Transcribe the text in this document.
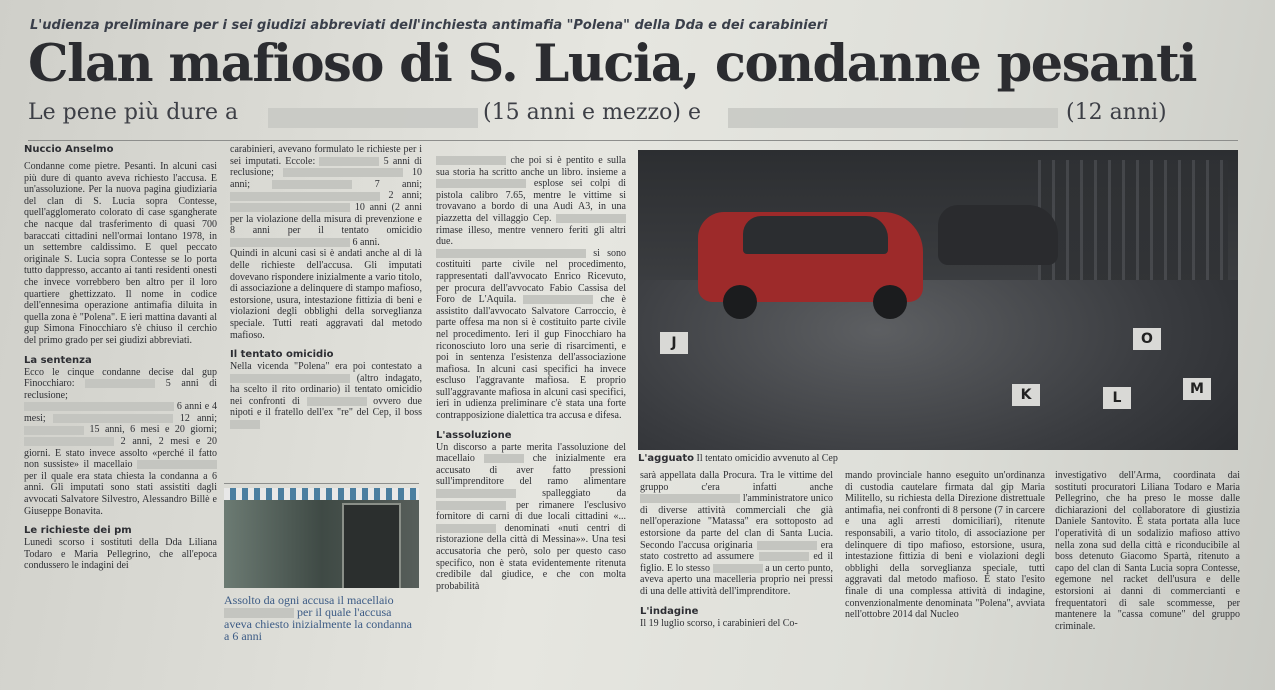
L'udienza preliminare per i sei giudizi abbreviati dell'inchiesta antimafia "Polena" della Dda e dei carabinieri
Clan mafioso di S. Lucia, condanne pesanti
Le pene più dure a	(15 anni e mezzo) e	(12 anni)

Nuccio Anselmo

Condanne come pietre. Pesanti. In alcuni casi più dure di quanto aveva richiesto l'accusa. E un'assoluzione. Per la nuova pagina giudiziaria del clan di S. Lucia sopra Contesse, quell'agglomerato colorato di case sgangherate che nacque dal trasferimento di quasi 700 baraccati cittadini nell'ormai lontano 1978, in un settembre caldissimo. E quel peccato originale S. Lucia sopra Contesse se lo porta tutto dappresso, accanto ai tanti residenti onesti che invece vorrebbero ben altro per il loro quartiere ghettizzato. Il nome in codice dell'ennesima operazione antimafia diluita in quella zona è "Polena". E ieri mattina davanti al gup Simona Finocchiaro s'è chiuso il cerchio del primo grado per sei giudizi abbreviati.

La sentenza

Ecco le cinque condanne decise dal gup Finocchiaro:	5 anni di reclusione;  6 anni e 4 mesi;	12 anni;  15 anni, 6 mesi e 20 giorni;  2 anni, 2 mesi e 20 giorni. E stato invece assolto «perché il fatto non sussiste» il macellaio  per il quale era stata chiesta la condanna a 6 anni. Gli imputati sono stati assistiti dagli avvocati Salvatore Silvestro, Alessandro Billè e Giuseppe Bonavita.

Le richieste dei pm

Lunedì scorso i sostituti della Dda Liliana Todaro e Maria Pellegrino, che all'epoca condussero le indagini dei

carabinieri, avevano formulato le richieste per i sei imputati. Eccole:	5 anni di reclusione;	10 anni;	7 anni;  2 anni;  10 anni (2 anni per la violazione della misura di prevenzione e 8 anni per il tentato omicidio  6 anni.

Quindi in alcuni casi si è andati anche al di là delle richieste dell'accusa. Gli imputati dovevano rispondere inizialmente a vario titolo, di associazione a delinquere di stampo mafioso, estorsione, usura, intestazione fittizia di beni e violazioni degli obblighi della sorveglianza speciale. Tutti reati aggravati dal metodo mafioso.

Il tentato omicidio

Nella vicenda "Polena" era poi contestato a  (altro indagato, ha scelto il rito ordinario) il tentato omicidio nei confronti di	ovvero due nipoti e il fratello dell'ex "re" del Cep, il boss

Assolto da ogni accusa il macellaio  per il quale l'accusa aveva chiesto inizialmente la condanna a 6 anni

che poi si è pentito e sulla sua storia ha scritto anche un libro. insieme a  esplose sei colpi di pistola calibro 7.65, mentre le vittime si trovavano a bordo di una Audi A3, in una piazzetta del villaggio Cep.  rimase illeso, mentre vennero feriti gli altri due.

si sono costituiti parte civile nel procedimento, rappresentati dall'avvocato Enrico Ricevuto, per procura dell'avvocato Fabio Cassisa del Foro de L'Aquila.	che è assistito dall'avvocato Salvatore Carroccio, è parte offesa ma non si è costituito parte civile nel procedimento. Ieri il gup Finocchiaro ha riconosciuto loro una serie di risarcimenti, e poi in sentenza l'esistenza dell'associazione mafiosa. In alcuni casi specifici ha invece escluso l'aggravante mafiosa. E proprio sull'aggravante mafiosa in alcuni casi specifici, ieri in udienza preliminare c'è stata una forte contrapposizione dialettica tra accusa e difesa.

L'assoluzione

Un discorso a parte merita l'assoluzione del macellaio	che inizialmente era accusato di aver fatto pressioni sull'imprenditore del ramo alimentare  spalleggiato da  per rimanere l'esclusivo fornitore di carni di due locali cittadini «...  denominati «nuti centri di ristorazione della città di Messina»». Una tesi accusatoria che però, solo per questo caso specifico, non è stata evidentemente ritenuta credibile dal giudice, e che con molta probabilità

J	O
K	L
M
L'agguato Il tentato omicidio avvenuto al Cep

sarà appellata dalla Procura. Tra le vittime del gruppo c'era infatti anche  l'amministratore unico di diverse attività commerciali che già nell'operazione "Matassa" era sottoposto ad estorsione da parte del clan di Santa Lucia. Secondo l'accusa originaria	era stato costretto ad assumere	ed il figlio. E lo stesso	a un certo punto, aveva aperto una macelleria proprio nei pressi di una delle attività dell'imprenditore.

L'indagine

Il 19 luglio scorso, i carabinieri del Co-

mando provinciale hanno eseguito un'ordinanza di custodia cautelare firmata dal gip Maria Militello, su richiesta della Direzione distrettuale antimafia, nei confronti di 8 persone (7 in carcere e una agli arresti domiciliari), ritenute responsabili, a vario titolo, di associazione per delinquere di tipo mafioso, estorsione, usura, intestazione fittizia di beni e violazioni degli obblighi della sorveglianza speciale, tutti aggravati dal metodo mafioso. È stato l'esito finale di una complessa attività di indagine, convenzionalmente denominata "Polena", avviata nell'ottobre 2014 dal Nucleo

investigativo dell'Arma, coordinata dai sostituti procuratori Liliana Todaro e Maria Pellegrino, che ha preso le mosse dalle dichiarazioni del collaboratore di giustizia Daniele Santovito. È stata portata alla luce l'operatività di un sodalizio mafioso attivo nella zona sud della città e riconducibile al boss detenuto Giacomo Spartà, ritenuto a capo del clan di Santa Lucia sopra Contesse, egemone nel racket dell'usura e delle estorsioni ai danni di commercianti e frequentatori di sale scommesse, per mantenere la "cassa comune" del gruppo criminale.
